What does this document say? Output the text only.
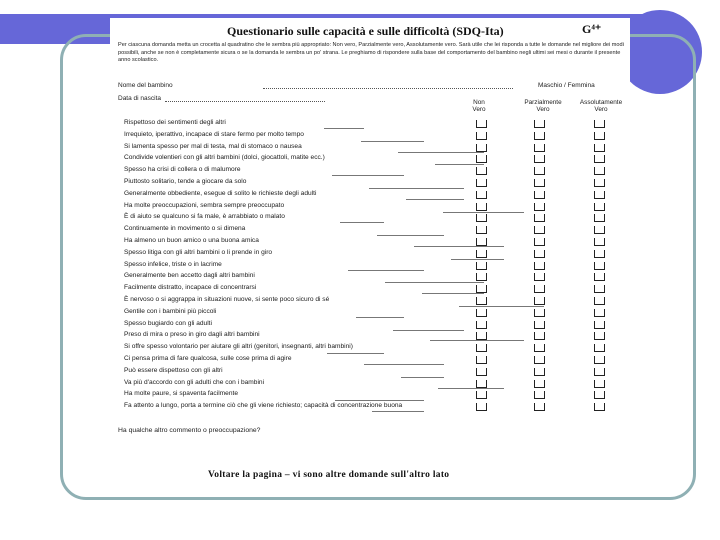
Questionario sulle capacità e sulle difficoltà (SDQ-Ita)	G⁴⁺
Per ciascuna domanda metta un crocetta al quadratino che le sembra più appropriato: Non vero, Parzialmente vero, Assolutamente vero. Sarà utile che lei risponda a tutte le domande nel migliore dei modi possibili, anche se non è completamente sicura o se la domanda le sembra un po' strana. Le preghiamo di rispondere sulla base del comportamento del bambino negli ultimi sei mesi o durante il presente anno scolastico.
Nome del bambino	Maschio / Femmina
Data di nascita
Non Vero
Parzialmente Vero
Assolutamente Vero
Rispettoso dei sentimenti degli altri
Irrequieto, iperattivo, incapace di stare fermo per molto tempo
Si lamenta spesso per mal di testa, mal di stomaco o nausea
Condivide volentieri con gli altri bambini (dolci, giocattoli, matite ecc.)
Spesso ha crisi di collera o di malumore
Piuttosto solitario, tende a giocare da solo
Generalmente obbediente, esegue di solito le richieste degli adulti
Ha molte preoccupazioni, sembra sempre preoccupato
È di aiuto se qualcuno si fa male, è arrabbiato o malato
Continuamente in movimento o si dimena
Ha almeno un buon amico o una buona amica
Spesso litiga con gli altri bambini o li prende in giro
Spesso infelice, triste o in lacrime
Generalmente ben accetto dagli altri bambini
Facilmente distratto, incapace di concentrarsi
È nervoso o si aggrappa in situazioni nuove, si sente poco sicuro di sé
Gentile con i bambini più piccoli
Spesso bugiardo con gli adulti
Preso di mira o preso in giro dagli altri bambini
Si offre spesso volontario per aiutare gli altri (genitori, insegnanti, altri bambini)
Ci pensa prima di fare qualcosa, sulle cose prima di agire
Può essere dispettoso con gli altri
Va più d'accordo con gli adulti che con i bambini
Ha molte paure, si spaventa facilmente
Fa attento a lungo, porta a termine ciò che gli viene richiesto; capacità di concentrazione buona
Ha qualche altro commento o preoccupazione?
Voltare la pagina – vi sono altre domande sull'altro lato
